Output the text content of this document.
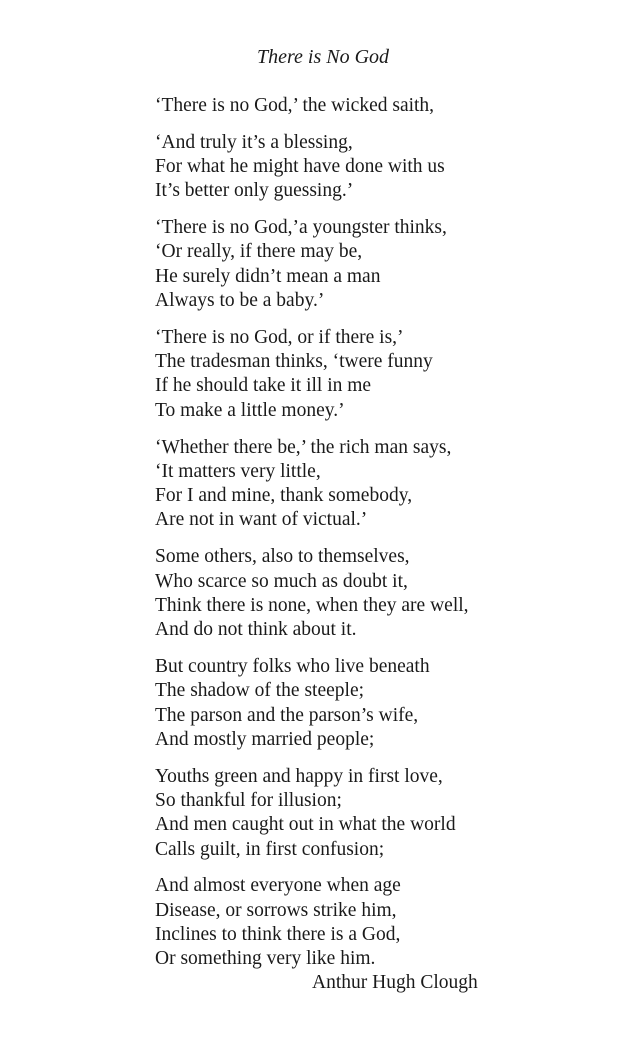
There is No God
‘There is no God,’ the wicked saith,
‘And truly it’s a blessing,
For what he might have done with us
It’s better only guessing.’
‘There is no God,’a youngster thinks,
‘Or really, if there may be,
He surely didn’t mean a man
Always to be a baby.’
‘There is no God, or if there is,’
The tradesman thinks, ‘twere funny
If he should take it ill in me
To make a little money.’
‘Whether there be,’ the rich man says,
‘It matters very little,
For I and mine, thank somebody,
Are not in want of victual.’
Some others, also to themselves,
Who scarce so much as doubt it,
Think there is none, when they are well,
And do not think about it.
But country folks who live beneath
The shadow of the steeple;
The parson and the parson’s wife,
And mostly married people;
Youths green and happy in first love,
So thankful for illusion;
And men caught out in what the world
Calls guilt, in first confusion;
And almost everyone when age
Disease, or sorrows strike him,
Inclines to think there is a God,
Or something very like him.
Anthur Hugh Clough
